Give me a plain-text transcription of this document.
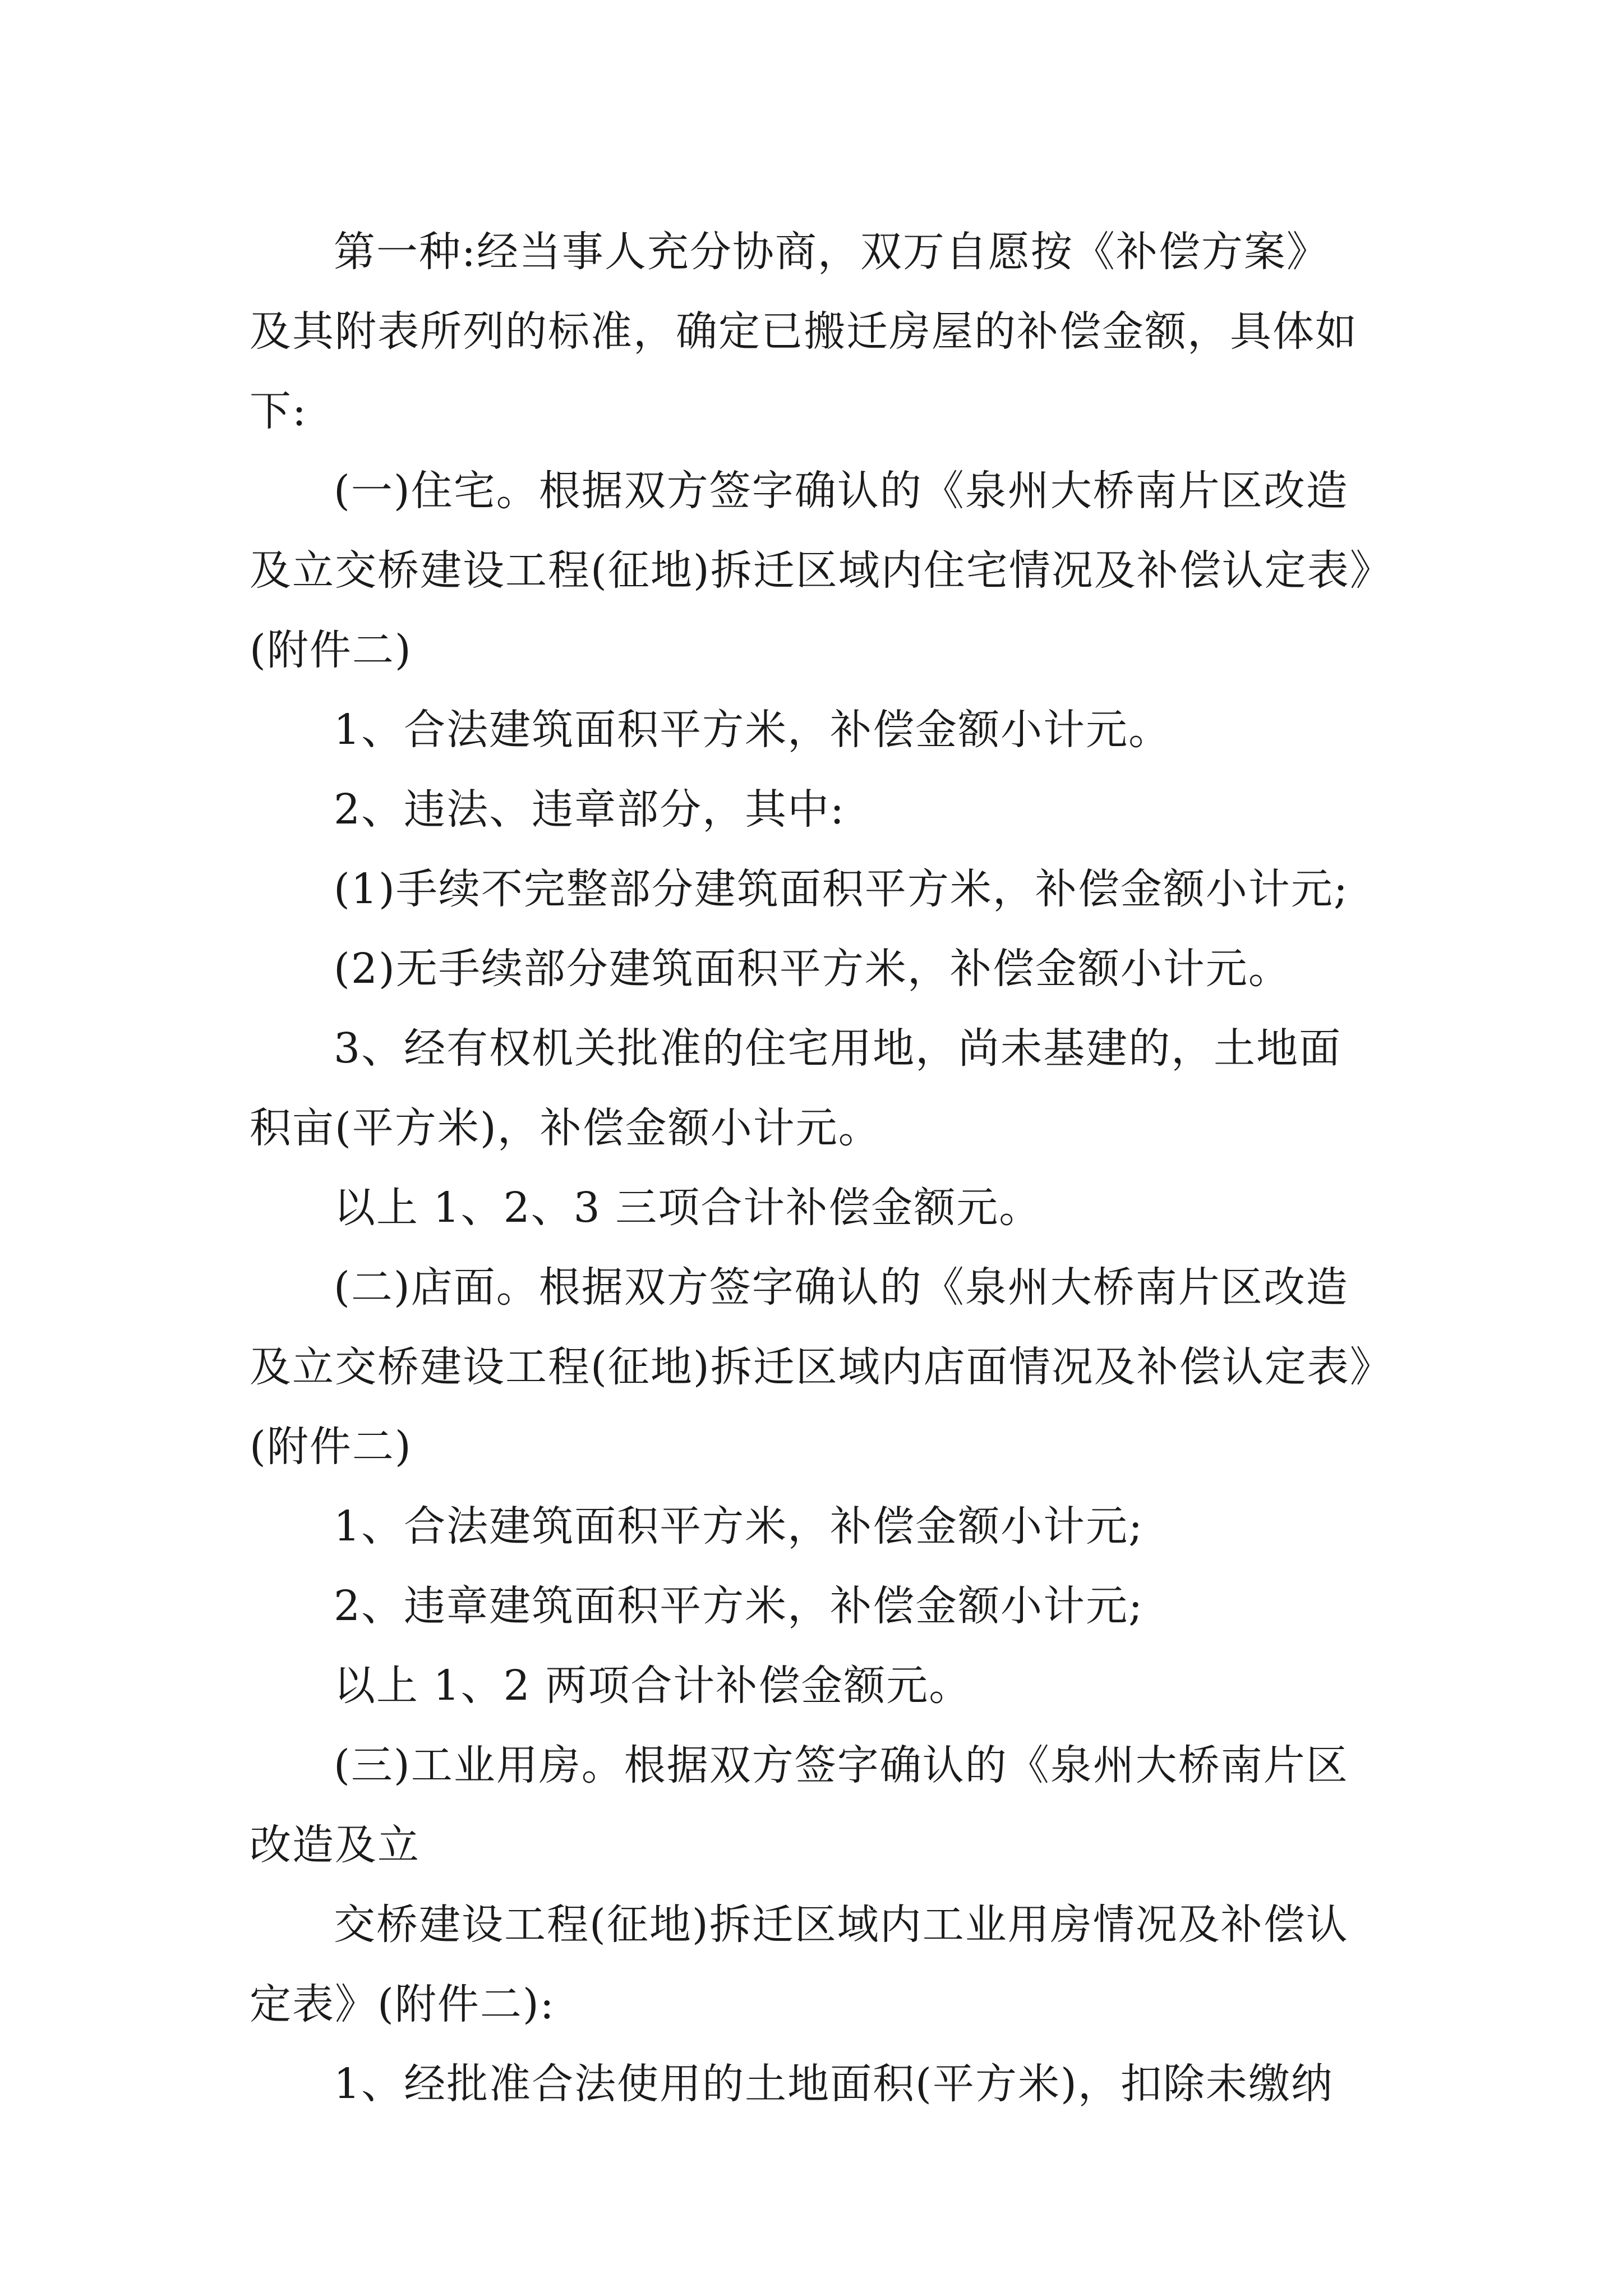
第一种:经当事人充分协商，双万自愿按《补偿方案》

及其附表所列的标准，确定已搬迁房屋的补偿金额，具体如

下:

(一)住宅。根据双方签字确认的《泉州大桥南片区改造

及立交桥建设工程(征地)拆迁区域内住宅情况及补偿认定表》

(附件二)

1、合法建筑面积平方米，补偿金额小计元。

2、违法、违章部分，其中:

(1)手续不完整部分建筑面积平方米，补偿金额小计元;

(2)无手续部分建筑面积平方米，补偿金额小计元。

3、经有权机关批准的住宅用地，尚未基建的，土地面

积亩(平方米)，补偿金额小计元。

以上 1、2、3 三项合计补偿金额元。

(二)店面。根据双方签字确认的《泉州大桥南片区改造

及立交桥建设工程(征地)拆迁区域内店面情况及补偿认定表》

(附件二)

1、合法建筑面积平方米，补偿金额小计元;

2、违章建筑面积平方米，补偿金额小计元;

以上 1、2 两项合计补偿金额元。

(三)工业用房。根据双方签字确认的《泉州大桥南片区

改造及立

交桥建设工程(征地)拆迁区域内工业用房情况及补偿认

定表》(附件二):

1、经批准合法使用的土地面积(平方米)，扣除未缴纳
